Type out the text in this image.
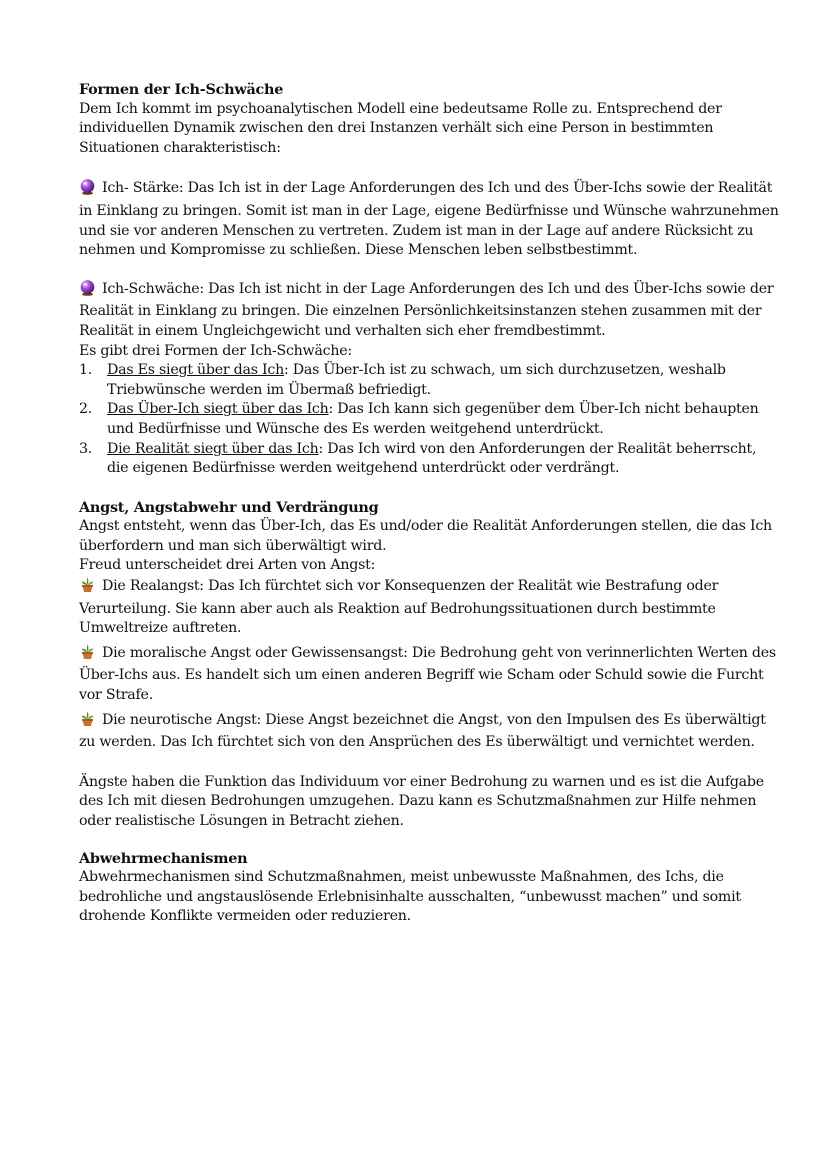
Formen der Ich-Schwäche

Dem Ich kommt im psychoanalytischen Modell eine bedeutsame Rolle zu. Entsprechend der individuellen Dynamik zwischen den drei Instanzen verhält sich eine Person in bestimmten Situationen charakteristisch:

Ich- Stärke: Das Ich ist in der Lage Anforderungen des Ich und des Über-Ichs sowie der Realität in Einklang zu bringen. Somit ist man in der Lage, eigene Bedürfnisse und Wünsche wahrzunehmen und sie vor anderen Menschen zu vertreten. Zudem ist man in der Lage auf andere Rücksicht zu nehmen und Kompromisse zu schließen. Diese Menschen leben selbstbestimmt.

Ich-Schwäche: Das Ich ist nicht in der Lage Anforderungen des Ich und des Über-Ichs sowie der Realität in Einklang zu bringen. Die einzelnen Persönlichkeitsinstanzen stehen zusammen mit der Realität in einem Ungleichgewicht und verhalten sich eher fremdbestimmt.

Es gibt drei Formen der Ich-Schwäche:

1. Das Es siegt über das Ich: Das Über-Ich ist zu schwach, um sich durchzusetzen, weshalb Triebwünsche werden im Übermaß befriedigt.
2. Das Über-Ich siegt über das Ich: Das Ich kann sich gegenüber dem Über-Ich nicht behaupten und Bedürfnisse und Wünsche des Es werden weitgehend unterdrückt.
3. Die Realität siegt über das Ich: Das Ich wird von den Anforderungen der Realität beherrscht, die eigenen Bedürfnisse werden weitgehend unterdrückt oder verdrängt.
Angst, Angstabwehr und Verdrängung

Angst entsteht, wenn das Über-Ich, das Es und/oder die Realität Anforderungen stellen, die das Ich überfordern und man sich überwältigt wird.

Freud unterscheidet drei Arten von Angst:

Die Realangst: Das Ich fürchtet sich vor Konsequenzen der Realität wie Bestrafung oder Verurteilung. Sie kann aber auch als Reaktion auf Bedrohungssituationen durch bestimmte Umweltreize auftreten.

Die moralische Angst oder Gewissensangst: Die Bedrohung geht von verinnerlichten Werten des Über-Ichs aus. Es handelt sich um einen anderen Begriff wie Scham oder Schuld sowie die Furcht vor Strafe.

Die neurotische Angst: Diese Angst bezeichnet die Angst, von den Impulsen des Es überwältigt zu werden. Das Ich fürchtet sich von den Ansprüchen des Es überwältigt und vernichtet werden.

Ängste haben die Funktion das Individuum vor einer Bedrohung zu warnen und es ist die Aufgabe des Ich mit diesen Bedrohungen umzugehen. Dazu kann es Schutzmaßnahmen zur Hilfe nehmen oder realistische Lösungen in Betracht ziehen.

Abwehrmechanismen

Abwehrmechanismen sind Schutzmaßnahmen, meist unbewusste Maßnahmen, des Ichs, die bedrohliche und angstauslösende Erlebnisinhalte ausschalten, “unbewusst machen” und somit drohende Konflikte vermeiden oder reduzieren.
